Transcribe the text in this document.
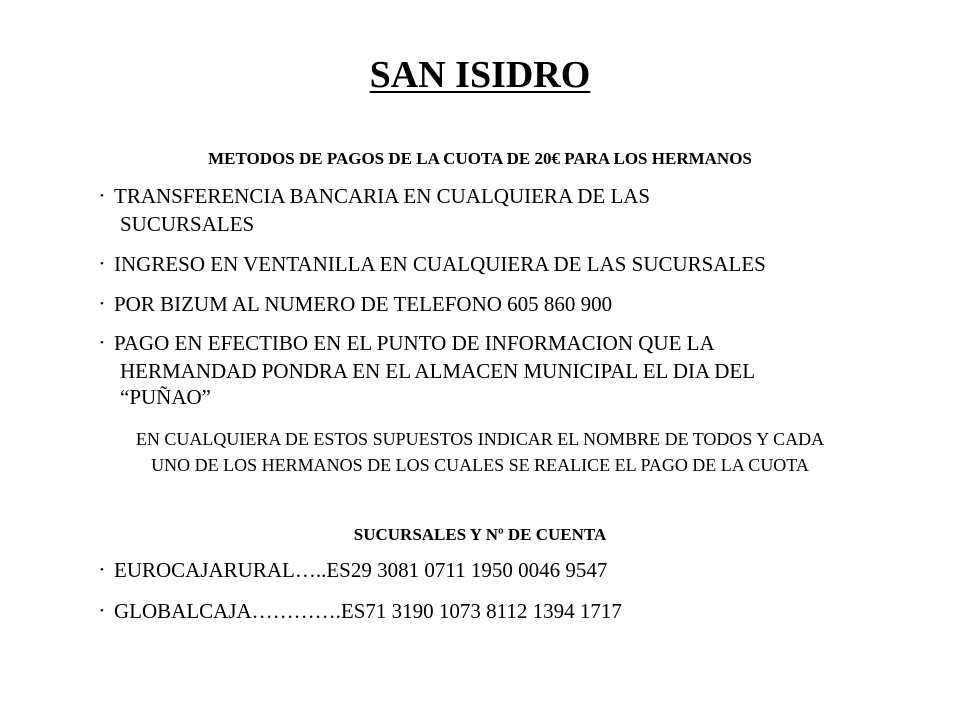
SAN ISIDRO
METODOS DE PAGOS DE LA CUOTA DE 20€ PARA LOS HERMANOS
• TRANSFERENCIA BANCARIA EN CUALQUIERA DE LAS
SUCURSALES
• INGRESO EN VENTANILLA EN CUALQUIERA DE LAS SUCURSALES
• POR BIZUM AL NUMERO DE TELEFONO 605 860 900
• PAGO EN EFECTIBO EN EL PUNTO DE INFORMACION QUE LA
HERMANDAD PONDRA EN EL ALMACEN MUNICIPAL EL DIA DEL
“PUÑAO”
EN CUALQUIERA DE ESTOS SUPUESTOS INDICAR EL NOMBRE DE TODOS Y CADA
UNO DE LOS HERMANOS DE LOS CUALES SE REALICE EL PAGO DE LA CUOTA
SUCURSALES Y Nº DE CUENTA
• EUROCAJARURAL…..ES29 3081 0711 1950 0046 9547
• GLOBALCAJA………….ES71 3190 1073 8112 1394 1717
